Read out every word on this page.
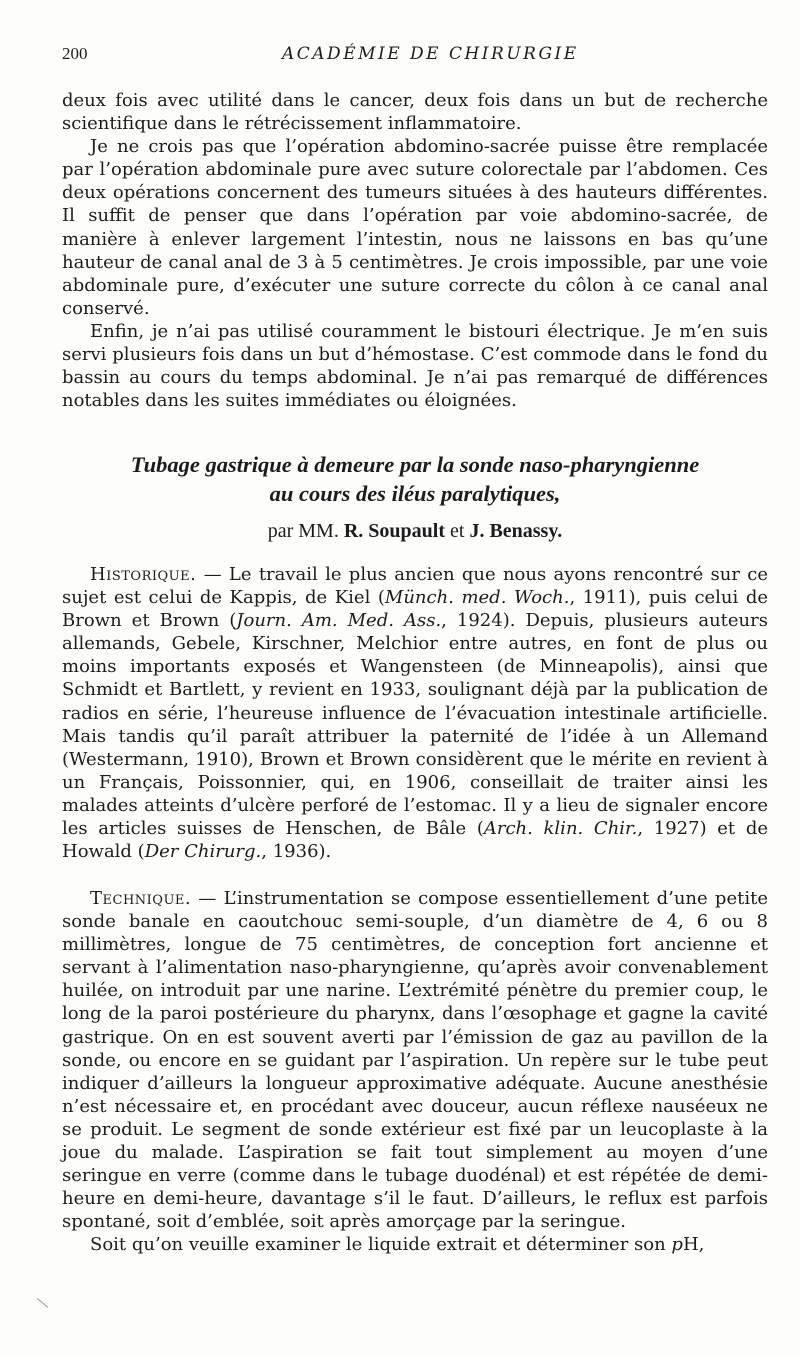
200	ACADÉMIE DE CHIRURGIE

deux fois avec utilité dans le cancer, deux fois dans un but de recherche scientifique dans le rétrécissement inflammatoire.

Je ne crois pas que l’opération abdomino-sacrée puisse être remplacée par l’opération abdominale pure avec suture colorectale par l’abdomen. Ces deux opérations concernent des tumeurs situées à des hauteurs différentes. Il suffit de penser que dans l’opération par voie abdomino-sacrée, de manière à enlever largement l’intestin, nous ne laissons en bas qu’une hauteur de canal anal de 3 à 5 centimètres. Je crois impossible, par une voie abdominale pure, d’exécuter une suture correcte du côlon à ce canal anal conservé.

Enfin, je n’ai pas utilisé couramment le bistouri électrique. Je m’en suis servi plusieurs fois dans un but d’hémostase. C’est commode dans le fond du bassin au cours du temps abdominal. Je n’ai pas remarqué de différences notables dans les suites immédiates ou éloignées.

Tubage gastrique à demeure par la sonde naso-pharyngienne
au cours des iléus paralytiques,
par MM. R. Soupault et J. Benassy.

Historique. — Le travail le plus ancien que nous ayons rencontré sur ce sujet est celui de Kappis, de Kiel (Münch. med. Woch., 1911), puis celui de Brown et Brown (Journ. Am. Med. Ass., 1924). Depuis, plusieurs auteurs allemands, Gebele, Kirschner, Melchior entre autres, en font de plus ou moins importants exposés et Wangensteen (de Minneapolis), ainsi que Schmidt et Bartlett, y revient en 1933, soulignant déjà par la publication de radios en série, l’heureuse influence de l’évacuation intestinale artificielle. Mais tandis qu’il paraît attribuer la paternité de l’idée à un Allemand (Westermann, 1910), Brown et Brown considèrent que le mérite en revient à un Français, Poissonnier, qui, en 1906, conseillait de traiter ainsi les malades atteints d’ulcère perforé de l’estomac. Il y a lieu de signaler encore les articles suisses de Henschen, de Bâle (Arch. klin. Chir., 1927) et de Howald (Der Chirurg., 1936).

Technique. — L’instrumentation se compose essentiellement d’une petite sonde banale en caoutchouc semi-souple, d’un diamètre de 4, 6 ou 8 millimètres, longue de 75 centimètres, de conception fort ancienne et servant à l’alimentation naso-pharyngienne, qu’après avoir convenablement huilée, on introduit par une narine. L’extrémité pénètre du premier coup, le long de la paroi postérieure du pharynx, dans l’œsophage et gagne la cavité gastrique. On en est souvent averti par l’émission de gaz au pavillon de la sonde, ou encore en se guidant par l’aspiration. Un repère sur le tube peut indiquer d’ailleurs la longueur approximative adéquate. Aucune anesthésie n’est nécessaire et, en procédant avec douceur, aucun réflexe nauséeux ne se produit. Le segment de sonde extérieur est fixé par un leucoplaste à la joue du malade. L’aspiration se fait tout simplement au moyen d’une seringue en verre (comme dans le tubage duodénal) et est répétée de demi-heure en demi-heure, davantage s’il le faut. D’ailleurs, le reflux est parfois spontané, soit d’emblée, soit après amorçage par la seringue.

Soit qu’on veuille examiner le liquide extrait et déterminer son pH,
